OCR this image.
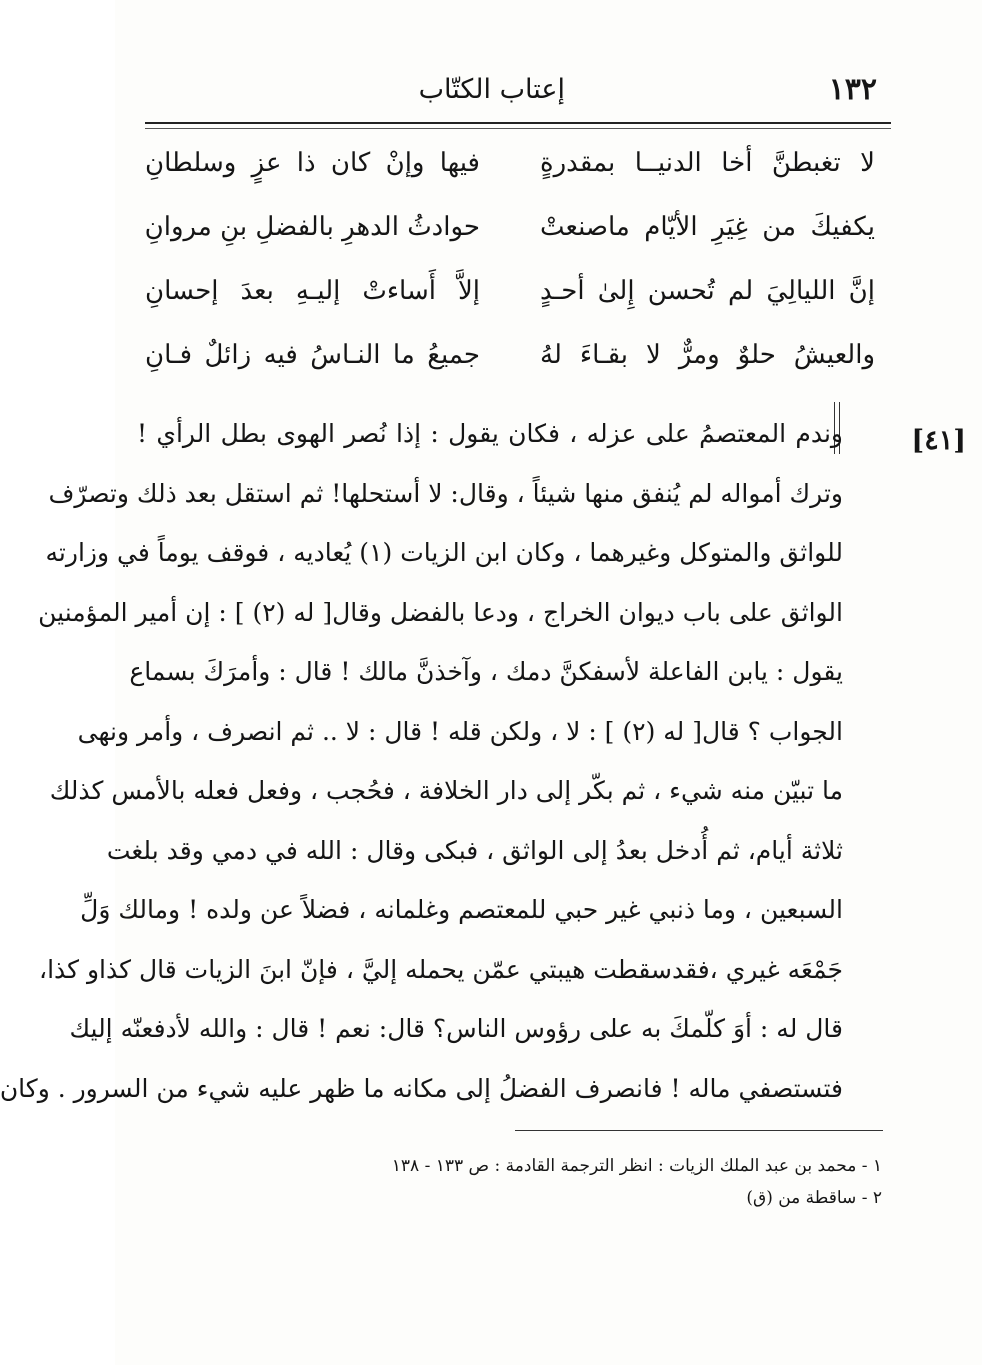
١٣٢
إعتاب الكتّاب
لا تغبطنَّ أخا الدنيــا بمقدرةٍ
فيها وإنْ كان ذا عزٍ وسلطانِ
يكفيكَ من غِيَرِ الأيّام ماصنعتْ
حوادثُ الدهرِ بالفضلِ بنِ مروانِ
إنَّ الليالِيَ لم تُحسن إِلىٰ أحـدٍ
إلاَّ أَساءتْ إليـهِ بعدَ إحسانِ
والعيشُ حلوٌ ومرٌّ لا بقـاءَ لهُ
جميعُ ما النـاسُ فيه زائلٌ فـانِ
[٤١]
وندم المعتصمُ على عزله ، فكان يقول : إذا نُصر الهوى بطل الرأي !
وترك أمواله لم يُنفق منها شيئاً ، وقال: لا أستحلها! ثم استقل بعد ذلك وتصرّف
للواثق والمتوكل وغيرهما ، وكان ابن الزيات (١) يُعاديه ، فوقف يوماً في وزارته
الواثق على باب ديوان الخراج ، ودعا بالفضل وقال[ له (٢) ] : إن أمير المؤمنين
يقول : يابن الفاعلة لأسفكنَّ دمك ، وآخذنَّ مالك ! قال : وأمرَكَ بسماع
الجواب ؟ قال[ له (٢) ] : لا ، ولكن قله ! قال : لا .. ثم انصرف ، وأمر ونهى
ما تبيّن منه شيء ، ثم بكّر إلى دار الخلافة ، فحُجب ، وفعل فعله بالأمس كذلك
ثلاثة أيام، ثم أُدخل بعدُ إلى الواثق ، فبكى وقال : الله في دمي وقد بلغت
السبعين ، وما ذنبي غير حبي للمعتصم وغلمانه ، فضلاً عن ولده ! ومالك وَلِّ
جَمْعَه غيري ،فقدسقطت هيبتي عمّن يحمله إليَّ ، فإنّ ابنَ الزيات قال كذاو كذا،
قال له : أوَ كلّمكَ به على رؤوس الناس؟ قال: نعم ! قال : والله لأدفعنّه إليك
فتستصفي ماله ! فانصرف الفضلُ إلى مكانه ما ظهر عليه شيء من السرور . وكان
١ - محمد بن عبد الملك الزيات : انظر الترجمة القادمة : ص ١٣٣ - ١٣٨
٢ - ساقطة من (ق)
